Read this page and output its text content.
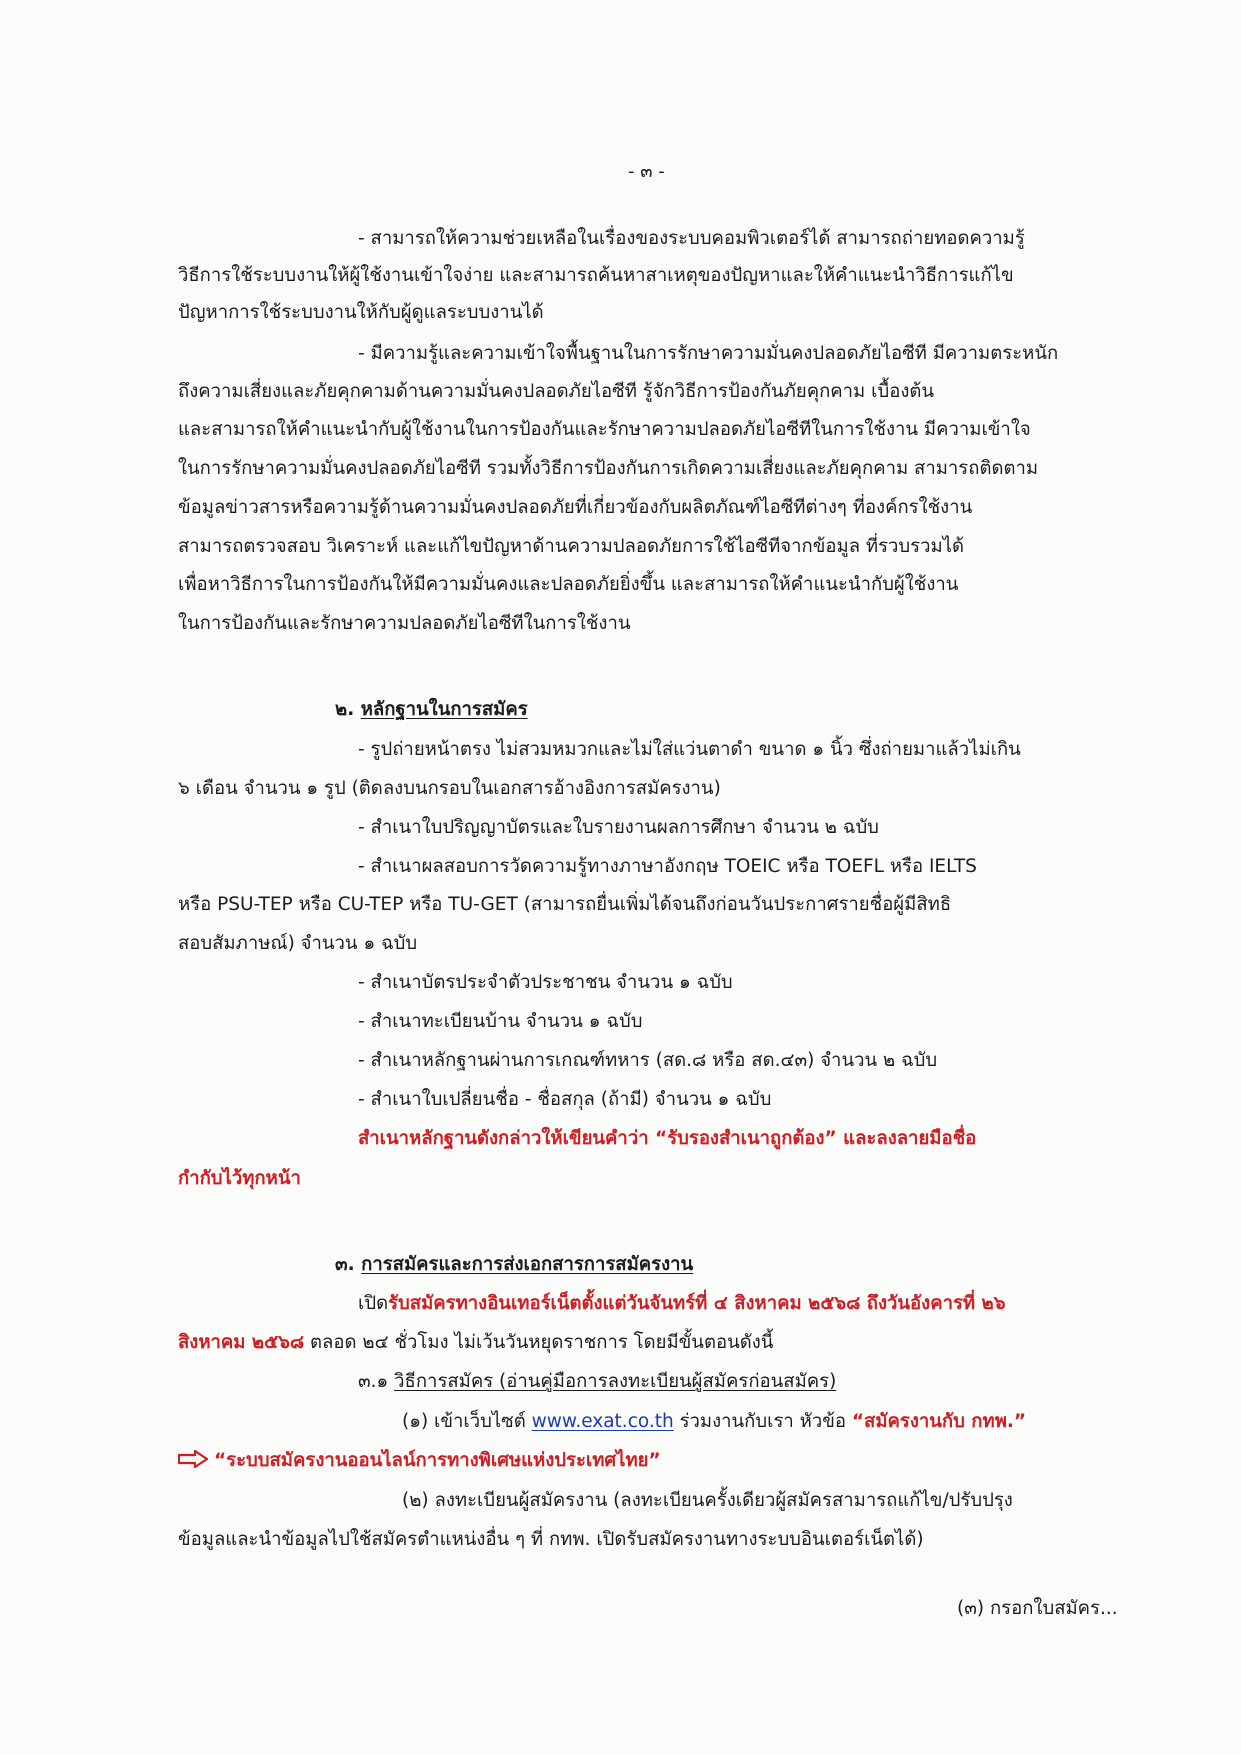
- ๓ -
- สามารถให้ความช่วยเหลือในเรื่องของระบบคอมพิวเตอร์ได้ สามารถถ่ายทอดความรู้
วิธีการใช้ระบบงานให้ผู้ใช้งานเข้าใจง่าย และสามารถค้นหาสาเหตุของปัญหาและให้คำแนะนำวิธีการแก้ไข
ปัญหาการใช้ระบบงานให้กับผู้ดูแลระบบงานได้
- มีความรู้และความเข้าใจพื้นฐานในการรักษาความมั่นคงปลอดภัยไอซีที มีความตระหนัก
ถึงความเสี่ยงและภัยคุกคามด้านความมั่นคงปลอดภัยไอซีที รู้จักวิธีการป้องกันภัยคุกคาม เบื้องต้น
และสามารถให้คำแนะนำกับผู้ใช้งานในการป้องกันและรักษาความปลอดภัยไอซีทีในการใช้งาน มีความเข้าใจ
ในการรักษาความมั่นคงปลอดภัยไอซีที รวมทั้งวิธีการป้องกันการเกิดความเสี่ยงและภัยคุกคาม สามารถติดตาม
ข้อมูลข่าวสารหรือความรู้ด้านความมั่นคงปลอดภัยที่เกี่ยวข้องกับผลิตภัณฑ์ไอซีทีต่างๆ ที่องค์กรใช้งาน
สามารถตรวจสอบ วิเคราะห์ และแก้ไขปัญหาด้านความปลอดภัยการใช้ไอซีทีจากข้อมูล ที่รวบรวมได้
เพื่อหาวิธีการในการป้องกันให้มีความมั่นคงและปลอดภัยยิ่งขึ้น และสามารถให้คำแนะนำกับผู้ใช้งาน
ในการป้องกันและรักษาความปลอดภัยไอซีทีในการใช้งาน
๒. หลักฐานในการสมัคร
- รูปถ่ายหน้าตรง ไม่สวมหมวกและไม่ใส่แว่นตาดำ ขนาด ๑ นิ้ว ซึ่งถ่ายมาแล้วไม่เกิน
๖ เดือน จำนวน ๑ รูป (ติดลงบนกรอบในเอกสารอ้างอิงการสมัครงาน)
- สำเนาใบปริญญาบัตรและใบรายงานผลการศึกษา จำนวน ๒ ฉบับ
- สำเนาผลสอบการวัดความรู้ทางภาษาอังกฤษ TOEIC หรือ TOEFL หรือ IELTS
หรือ PSU-TEP หรือ CU-TEP หรือ TU-GET (สามารถยื่นเพิ่มได้จนถึงก่อนวันประกาศรายชื่อผู้มีสิทธิ
สอบสัมภาษณ์) จำนวน ๑ ฉบับ
- สำเนาบัตรประจำตัวประชาชน จำนวน ๑ ฉบับ
- สำเนาทะเบียนบ้าน จำนวน ๑ ฉบับ
- สำเนาหลักฐานผ่านการเกณฑ์ทหาร (สด.๘ หรือ สด.๔๓) จำนวน ๒ ฉบับ
- สำเนาใบเปลี่ยนชื่อ - ชื่อสกุล (ถ้ามี) จำนวน ๑ ฉบับ
สำเนาหลักฐานดังกล่าวให้เขียนคำว่า “รับรองสำเนาถูกต้อง” และลงลายมือชื่อ
กำกับไว้ทุกหน้า
๓. การสมัครและการส่งเอกสารการสมัครงาน
เปิดรับสมัครทางอินเทอร์เน็ตตั้งแต่วันจันทร์ที่ ๔ สิงหาคม ๒๕๖๘ ถึงวันอังคารที่ ๒๖
สิงหาคม ๒๕๖๘ ตลอด ๒๔ ชั่วโมง ไม่เว้นวันหยุดราชการ โดยมีขั้นตอนดังนี้
๓.๑ วิธีการสมัคร (อ่านคู่มือการลงทะเบียนผู้สมัครก่อนสมัคร)
(๑) เข้าเว็บไซต์ www.exat.co.th ร่วมงานกับเรา หัวข้อ “สมัครงานกับ กทพ.”
“ระบบสมัครงานออนไลน์การทางพิเศษแห่งประเทศไทย”
(๒) ลงทะเบียนผู้สมัครงาน (ลงทะเบียนครั้งเดียวผู้สมัครสามารถแก้ไข/ปรับปรุง
ข้อมูลและนำข้อมูลไปใช้สมัครตำแหน่งอื่น ๆ ที่ กทพ. เปิดรับสมัครงานทางระบบอินเตอร์เน็ตได้)
(๓) กรอกใบสมัคร...
